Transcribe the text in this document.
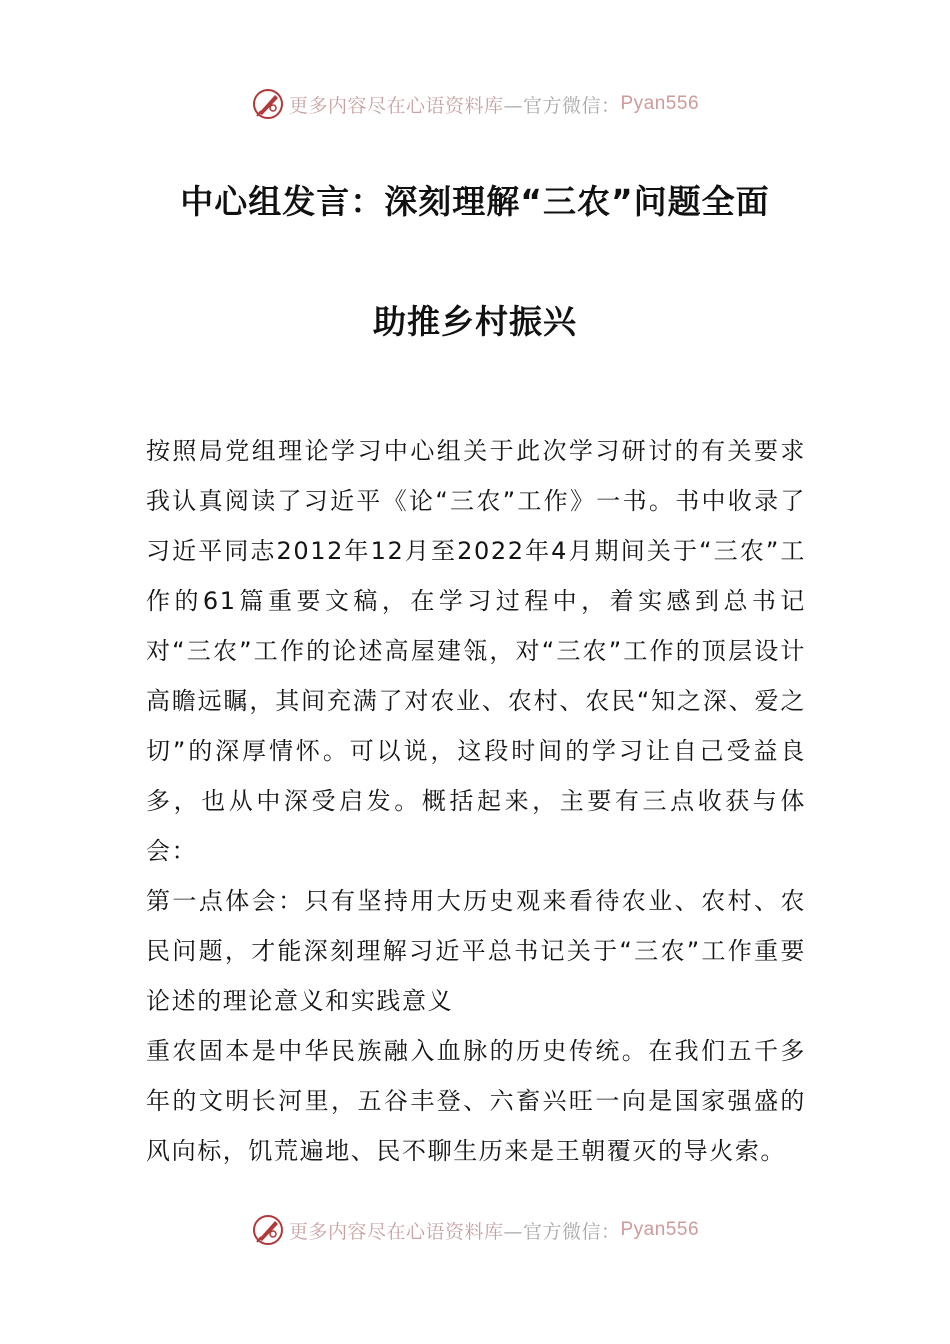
更多内容尽在心语资料库 —官方微信： Pyan556
中心组发言：深刻理解“三农”问题全面
助推乡村振兴

按照局党组理论学习中心组关于此次学习研讨的有关要求我认真阅读了习近平《论“三农”工作》一书。书中收录了习近平同志2012年12月至2022年4月期间关于“三农”工作的61篇重要文稿，在学习过程中，着实感到总书记对“三农”工作的论述高屋建瓴，对“三农”工作的顶层设计高瞻远瞩，其间充满了对农业、农村、农民“知之深、爱之切”的深厚情怀。可以说，这段时间的学习让自己受益良多，也从中深受启发。概括起来，主要有三点收获与体会：

第一点体会：只有坚持用大历史观来看待农业、农村、农民问题，才能深刻理解习近平总书记关于“三农”工作重要论述的理论意义和实践意义

重农固本是中华民族融入血脉的历史传统。在我们五千多年的文明长河里，五谷丰登、六畜兴旺一向是国家强盛的风向标，饥荒遍地、民不聊生历来是王朝覆灭的导火索。

更多内容尽在心语资料库 —官方微信： Pyan556
